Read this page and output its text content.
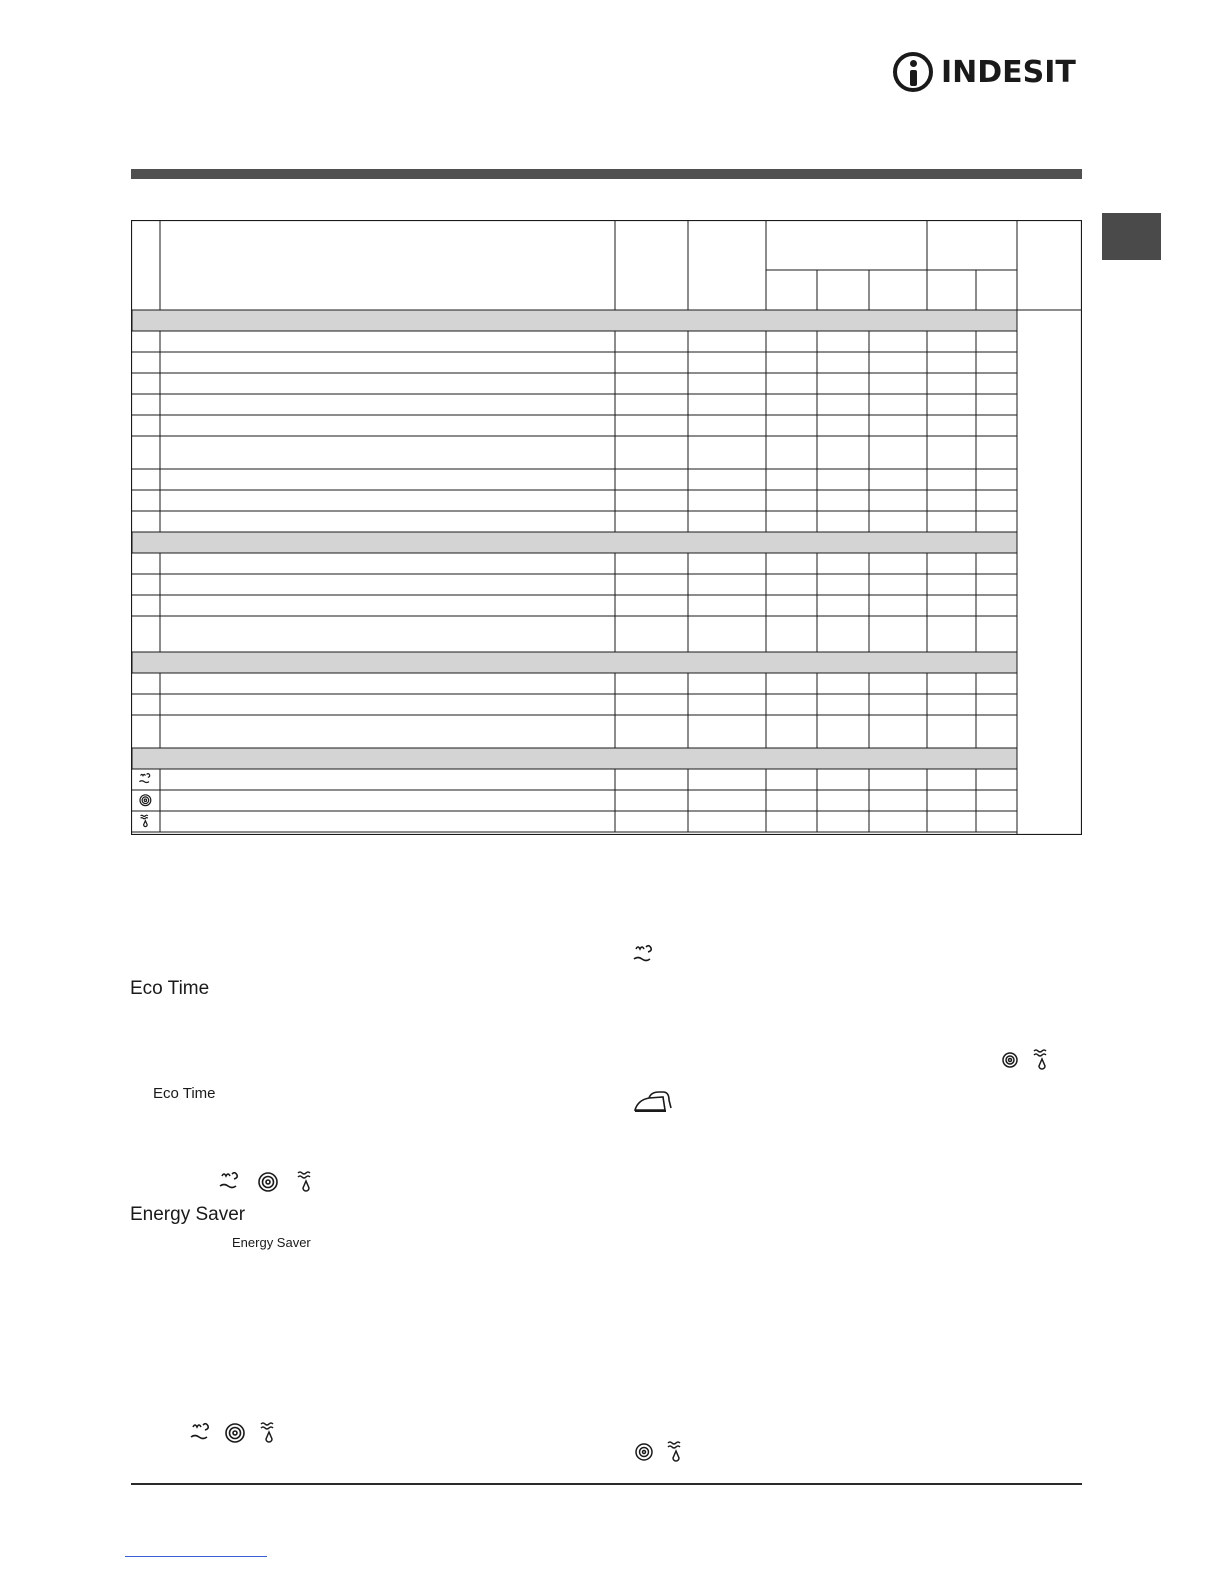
INDESIT
Eco Time
Eco Time
Energy Saver
Energy Saver
